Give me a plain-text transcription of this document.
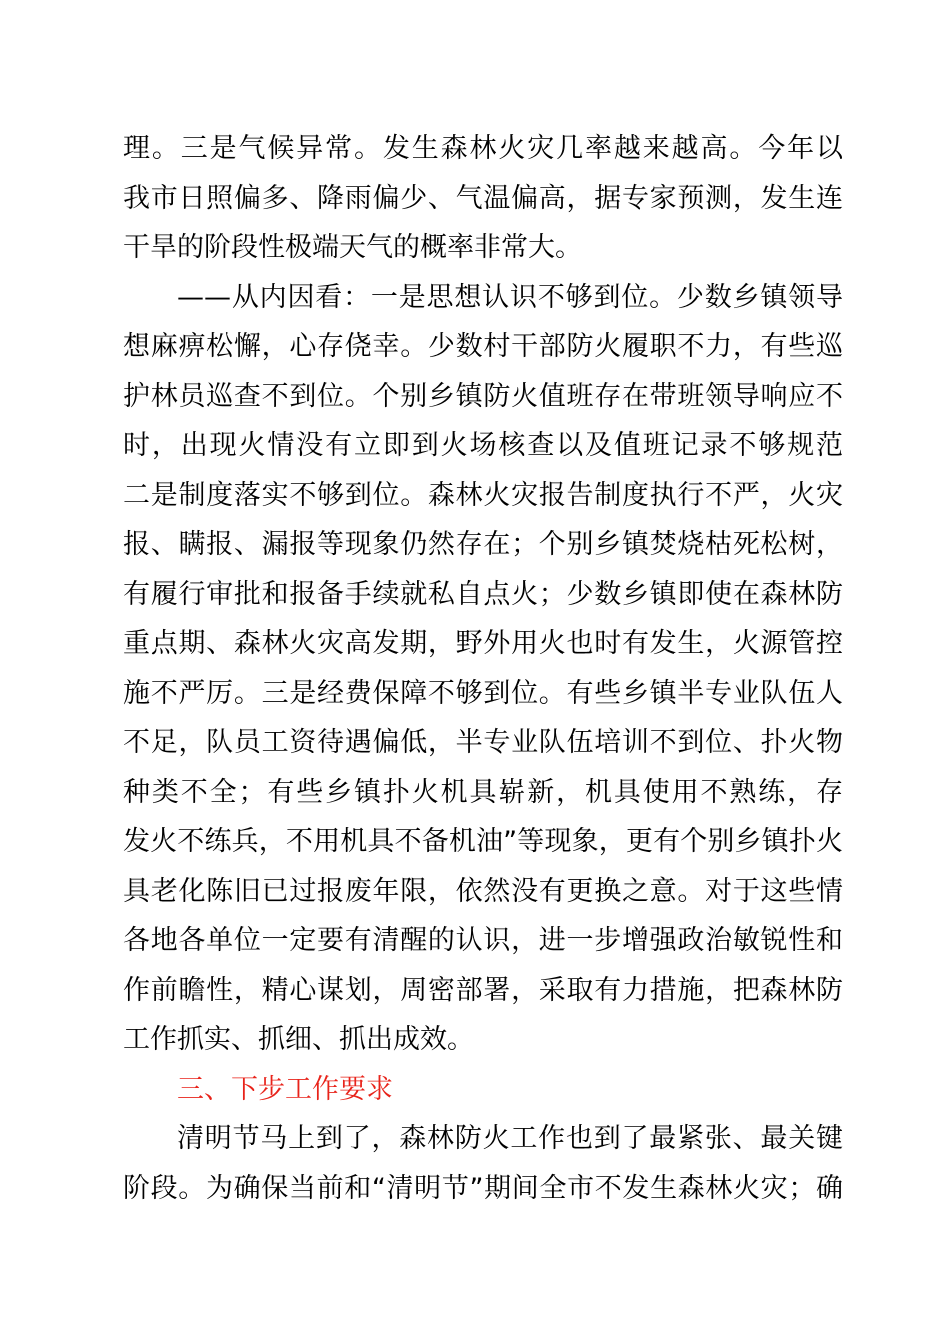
理。三是气候异常。发生森林火灾几率越来越高。今年以
我市日照偏多、降雨偏少、气温偏高，据专家预测，发生连
干旱的阶段性极端天气的概率非常大。
——从内因看：一是思想认识不够到位。少数乡镇领导
想麻痹松懈，心存侥幸。少数村干部防火履职不力，有些巡
护林员巡查不到位。个别乡镇防火值班存在带班领导响应不
时，出现火情没有立即到火场核查以及值班记录不够规范
二是制度落实不够到位。森林火灾报告制度执行不严，火灾
报、瞒报、漏报等现象仍然存在；个别乡镇焚烧枯死松树，
有履行审批和报备手续就私自点火；少数乡镇即使在森林防
重点期、森林火灾高发期，野外用火也时有发生，火源管控
施不严厉。三是经费保障不够到位。有些乡镇半专业队伍人
不足，队员工资待遇偏低，半专业队伍培训不到位、扑火物
种类不全；有些乡镇扑火机具崭新，机具使用不熟练，存
发火不练兵，不用机具不备机油”等现象，更有个别乡镇扑火
具老化陈旧已过报废年限，依然没有更换之意。对于这些情
各地各单位一定要有清醒的认识，进一步增强政治敏锐性和
作前瞻性，精心谋划，周密部署，采取有力措施，把森林防
工作抓实、抓细、抓出成效。
三、下步工作要求
清明节马上到了，森林防火工作也到了最紧张、最关键
阶段。为确保当前和“清明节”期间全市不发生森林火灾；确
